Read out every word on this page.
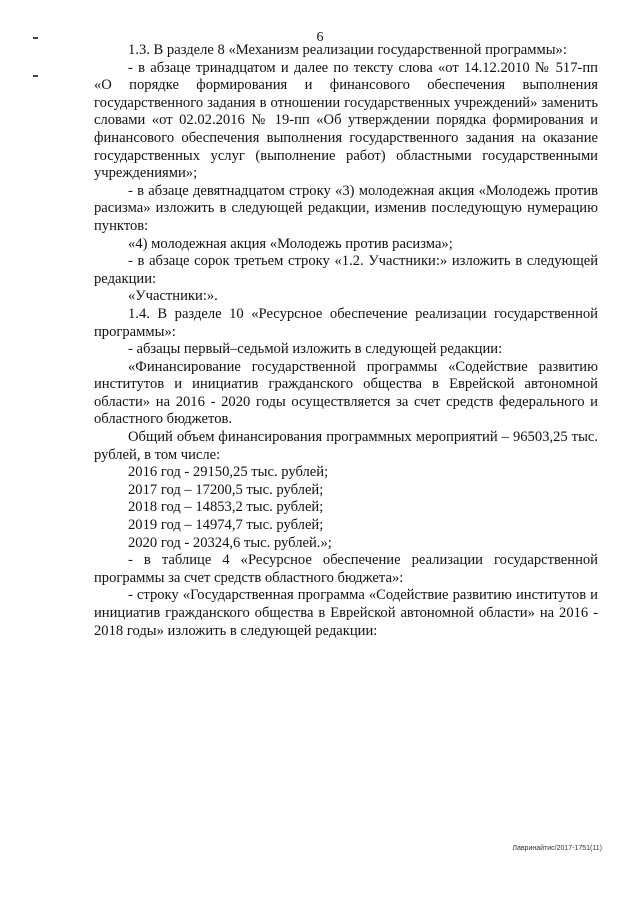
6

1.3. В разделе 8 «Механизм реализации государственной программы»:

- в абзаце тринадцатом и далее по тексту слова «от 14.12.2010 № 517-пп «О порядке формирования и финансового обеспечения выполнения государственного задания в отношении государственных учреждений» заменить словами «от 02.02.2016 № 19-пп «Об утверждении порядка формирования и финансового обеспечения выполнения государственного задания на оказание государственных услуг (выполнение работ) областными государственными учреждениями»;

- в абзаце девятнадцатом строку «3) молодежная акция «Молодежь против расизма» изложить в следующей редакции, изменив последующую нумерацию пунктов:

«4) молодежная акция «Молодежь против расизма»;

- в абзаце сорок третьем строку «1.2. Участники:» изложить в следующей редакции:

«Участники:».

1.4. В разделе 10 «Ресурсное обеспечение реализации государственной программы»:

- абзацы первый–седьмой изложить в следующей редакции:

«Финансирование государственной программы «Содействие развитию институтов и инициатив гражданского общества в Еврейской автономной области» на 2016 - 2020 годы осуществляется за счет средств федерального и областного бюджетов.

Общий объем финансирования программных мероприятий – 96503,25 тыс. рублей, в том числе:

2016 год - 29150,25 тыс. рублей;

2017 год – 17200,5 тыс. рублей;

2018 год – 14853,2 тыс. рублей;

2019 год – 14974,7 тыс. рублей;

2020 год - 20324,6 тыс. рублей.»;

- в таблице 4 «Ресурсное обеспечение реализации государственной программы за счет средств областного бюджета»:

- строку «Государственная программа «Содействие развитию институтов и инициатив гражданского общества в Еврейской автономной области» на 2016 - 2018 годы» изложить в следующей редакции:

Лавринайтис/2017-1751(11)
